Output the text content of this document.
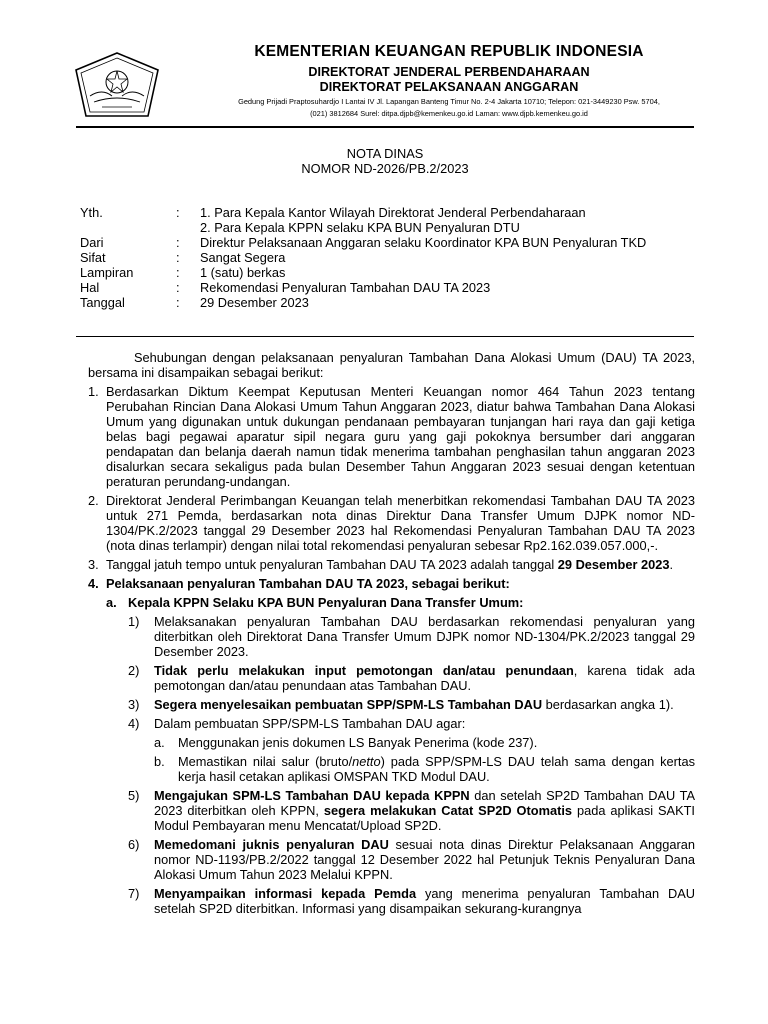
KEMENTERIAN KEUANGAN REPUBLIK INDONESIA
DIREKTORAT JENDERAL PERBENDAHARAAN
DIREKTORAT PELAKSANAAN ANGGARAN
Gedung Prijadi Praptosuhardjo I Lantai IV Jl. Lapangan Banteng Timur No. 2-4 Jakarta 10710; Telepon: 021-3449230 Psw. 5704,
(021) 3812684 Surel: ditpa.djpb@kemenkeu.go.id Laman: www.djpb.kemenkeu.go.id
NOTA DINAS
NOMOR ND-2026/PB.2/2023
Yth.	:	1. Para Kepala Kantor Wilayah Direktorat Jenderal Perbendaharaan
2. Para Kepala KPPN selaku KPA BUN Penyaluran DTU
Dari	:	Direktur Pelaksanaan Anggaran selaku Koordinator KPA BUN Penyaluran TKD
Sifat	:	Sangat Segera
Lampiran	:	1 (satu) berkas
Hal	:	Rekomendasi Penyaluran Tambahan DAU TA 2023
Tanggal	:	29 Desember 2023
Sehubungan dengan pelaksanaan penyaluran Tambahan Dana Alokasi Umum (DAU) TA 2023, bersama ini disampaikan sebagai berikut:
1. Berdasarkan Diktum Keempat Keputusan Menteri Keuangan nomor 464 Tahun 2023 tentang Perubahan Rincian Dana Alokasi Umum Tahun Anggaran 2023, diatur bahwa Tambahan Dana Alokasi Umum yang digunakan untuk dukungan pendanaan pembayaran tunjangan hari raya dan gaji ketiga belas bagi pegawai aparatur sipil negara guru yang gaji pokoknya bersumber dari anggaran pendapatan dan belanja daerah namun tidak menerima tambahan penghasilan tahun anggaran 2023 disalurkan secara sekaligus pada bulan Desember Tahun Anggaran 2023 sesuai dengan ketentuan peraturan perundang-undangan.
2. Direktorat Jenderal Perimbangan Keuangan telah menerbitkan rekomendasi Tambahan DAU TA 2023 untuk 271 Pemda, berdasarkan nota dinas Direktur Dana Transfer Umum DJPK nomor ND-1304/PK.2/2023 tanggal 29 Desember 2023 hal Rekomendasi Penyaluran Tambahan DAU TA 2023 (nota dinas terlampir) dengan nilai total rekomendasi penyaluran sebesar Rp2.162.039.057.000,-.
3. Tanggal jatuh tempo untuk penyaluran Tambahan DAU TA 2023 adalah tanggal 29 Desember 2023.
4. Pelaksanaan penyaluran Tambahan DAU TA 2023, sebagai berikut:
a. Kepala KPPN Selaku KPA BUN Penyaluran Dana Transfer Umum:
1)	Melaksanakan penyaluran Tambahan DAU berdasarkan rekomendasi penyaluran yang diterbitkan oleh Direktorat Dana Transfer Umum DJPK nomor ND-1304/PK.2/2023 tanggal 29 Desember 2023.
2)	Tidak perlu melakukan input pemotongan dan/atau penundaan, karena tidak ada pemotongan dan/atau penundaan atas Tambahan DAU.
3)	Segera menyelesaikan pembuatan SPP/SPM-LS Tambahan DAU berdasarkan angka 1).
4)	Dalam pembuatan SPP/SPM-LS Tambahan DAU agar:
a.	Menggunakan jenis dokumen LS Banyak Penerima (kode 237).
b.	Memastikan nilai salur (bruto/netto) pada SPP/SPM-LS DAU telah sama dengan kertas kerja hasil cetakan aplikasi OMSPAN TKD Modul DAU.
5)	Mengajukan SPM-LS Tambahan DAU kepada KPPN dan setelah SP2D Tambahan DAU TA 2023 diterbitkan oleh KPPN, segera melakukan Catat SP2D Otomatis pada aplikasi SAKTI Modul Pembayaran menu Mencatat/Upload SP2D.
6)	Memedomani juknis penyaluran DAU sesuai nota dinas Direktur Pelaksanaan Anggaran nomor ND-1193/PB.2/2022 tanggal 12 Desember 2022 hal Petunjuk Teknis Penyaluran Dana Alokasi Umum Tahun 2023 Melalui KPPN.
7)	Menyampaikan informasi kepada Pemda yang menerima penyaluran Tambahan DAU setelah SP2D diterbitkan. Informasi yang disampaikan sekurang-kurangnya
